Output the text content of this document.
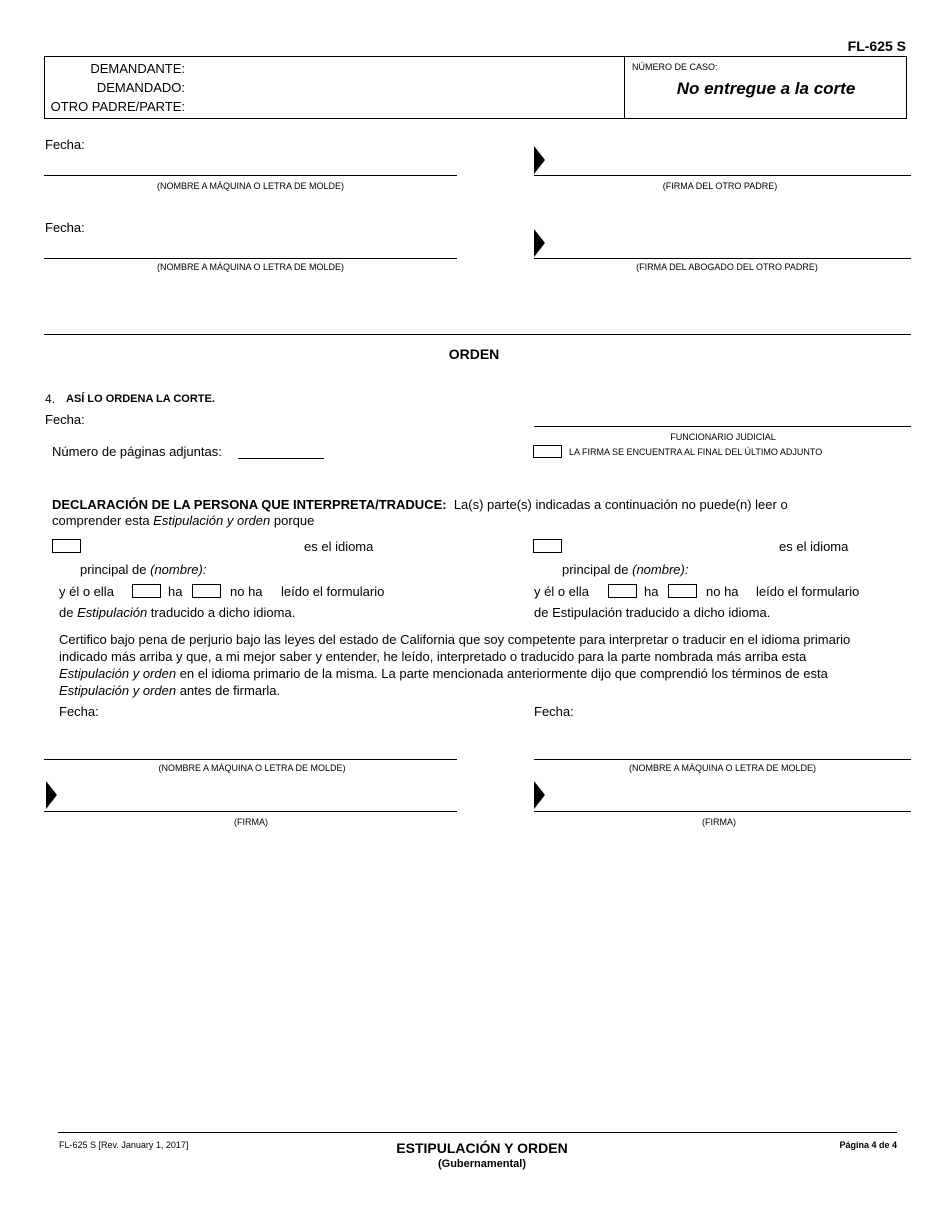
FL-625 S
DEMANDANTE:
DEMANDADO:
OTRO PADRE/PARTE:
NÚMERO DE CASO:
No entregue a la corte
Fecha:
(NOMBRE A MÁQUINA O LETRA DE MOLDE)	(FIRMA DEL OTRO PADRE)
Fecha:
(NOMBRE A MÁQUINA O LETRA DE MOLDE)	(FIRMA DEL ABOGADO DEL OTRO PADRE)
ORDEN
4. ASÍ LO ORDENA LA CORTE.
Fecha:
FUNCIONARIO JUDICIAL
Número de páginas adjuntas:	LA FIRMA SE ENCUENTRA AL FINAL DEL ÚLTIMO ADJUNTO
DECLARACIÓN DE LA PERSONA QUE INTERPRETA/TRADUCE: La(s) parte(s) indicadas a continuación no puede(n) leer o
comprender esta Estipulación y orden porque
es el idioma
principal de (nombre):
y él o ella	ha	no ha leído el formulario
de Estipulación traducido a dicho idioma.
es el idioma
principal de (nombre):
y él o ella	ha	no ha leído el formulario
de Estipulación traducido a dicho idioma.
Certifico bajo pena de perjurio bajo las leyes del estado de California que soy competente para interpretar o traducir en el idioma primario
indicado más arriba y que, a mi mejor saber y entender, he leído, interpretado o traducido para la parte nombrada más arriba esta
Estipulación y orden en el idioma primario de la misma. La parte mencionada anteriormente dijo que comprendió los términos de esta
Estipulación y orden antes de firmarla.
Fecha:	Fecha:
(NOMBRE A MÁQUINA O LETRA DE MOLDE)	(NOMBRE A MÁQUINA O LETRA DE MOLDE)
(FIRMA)	(FIRMA)
FL-625 S [Rev. January 1, 2017]	ESTIPULACIÓN Y ORDEN
(Gubernamental)
Página 4 de 4
